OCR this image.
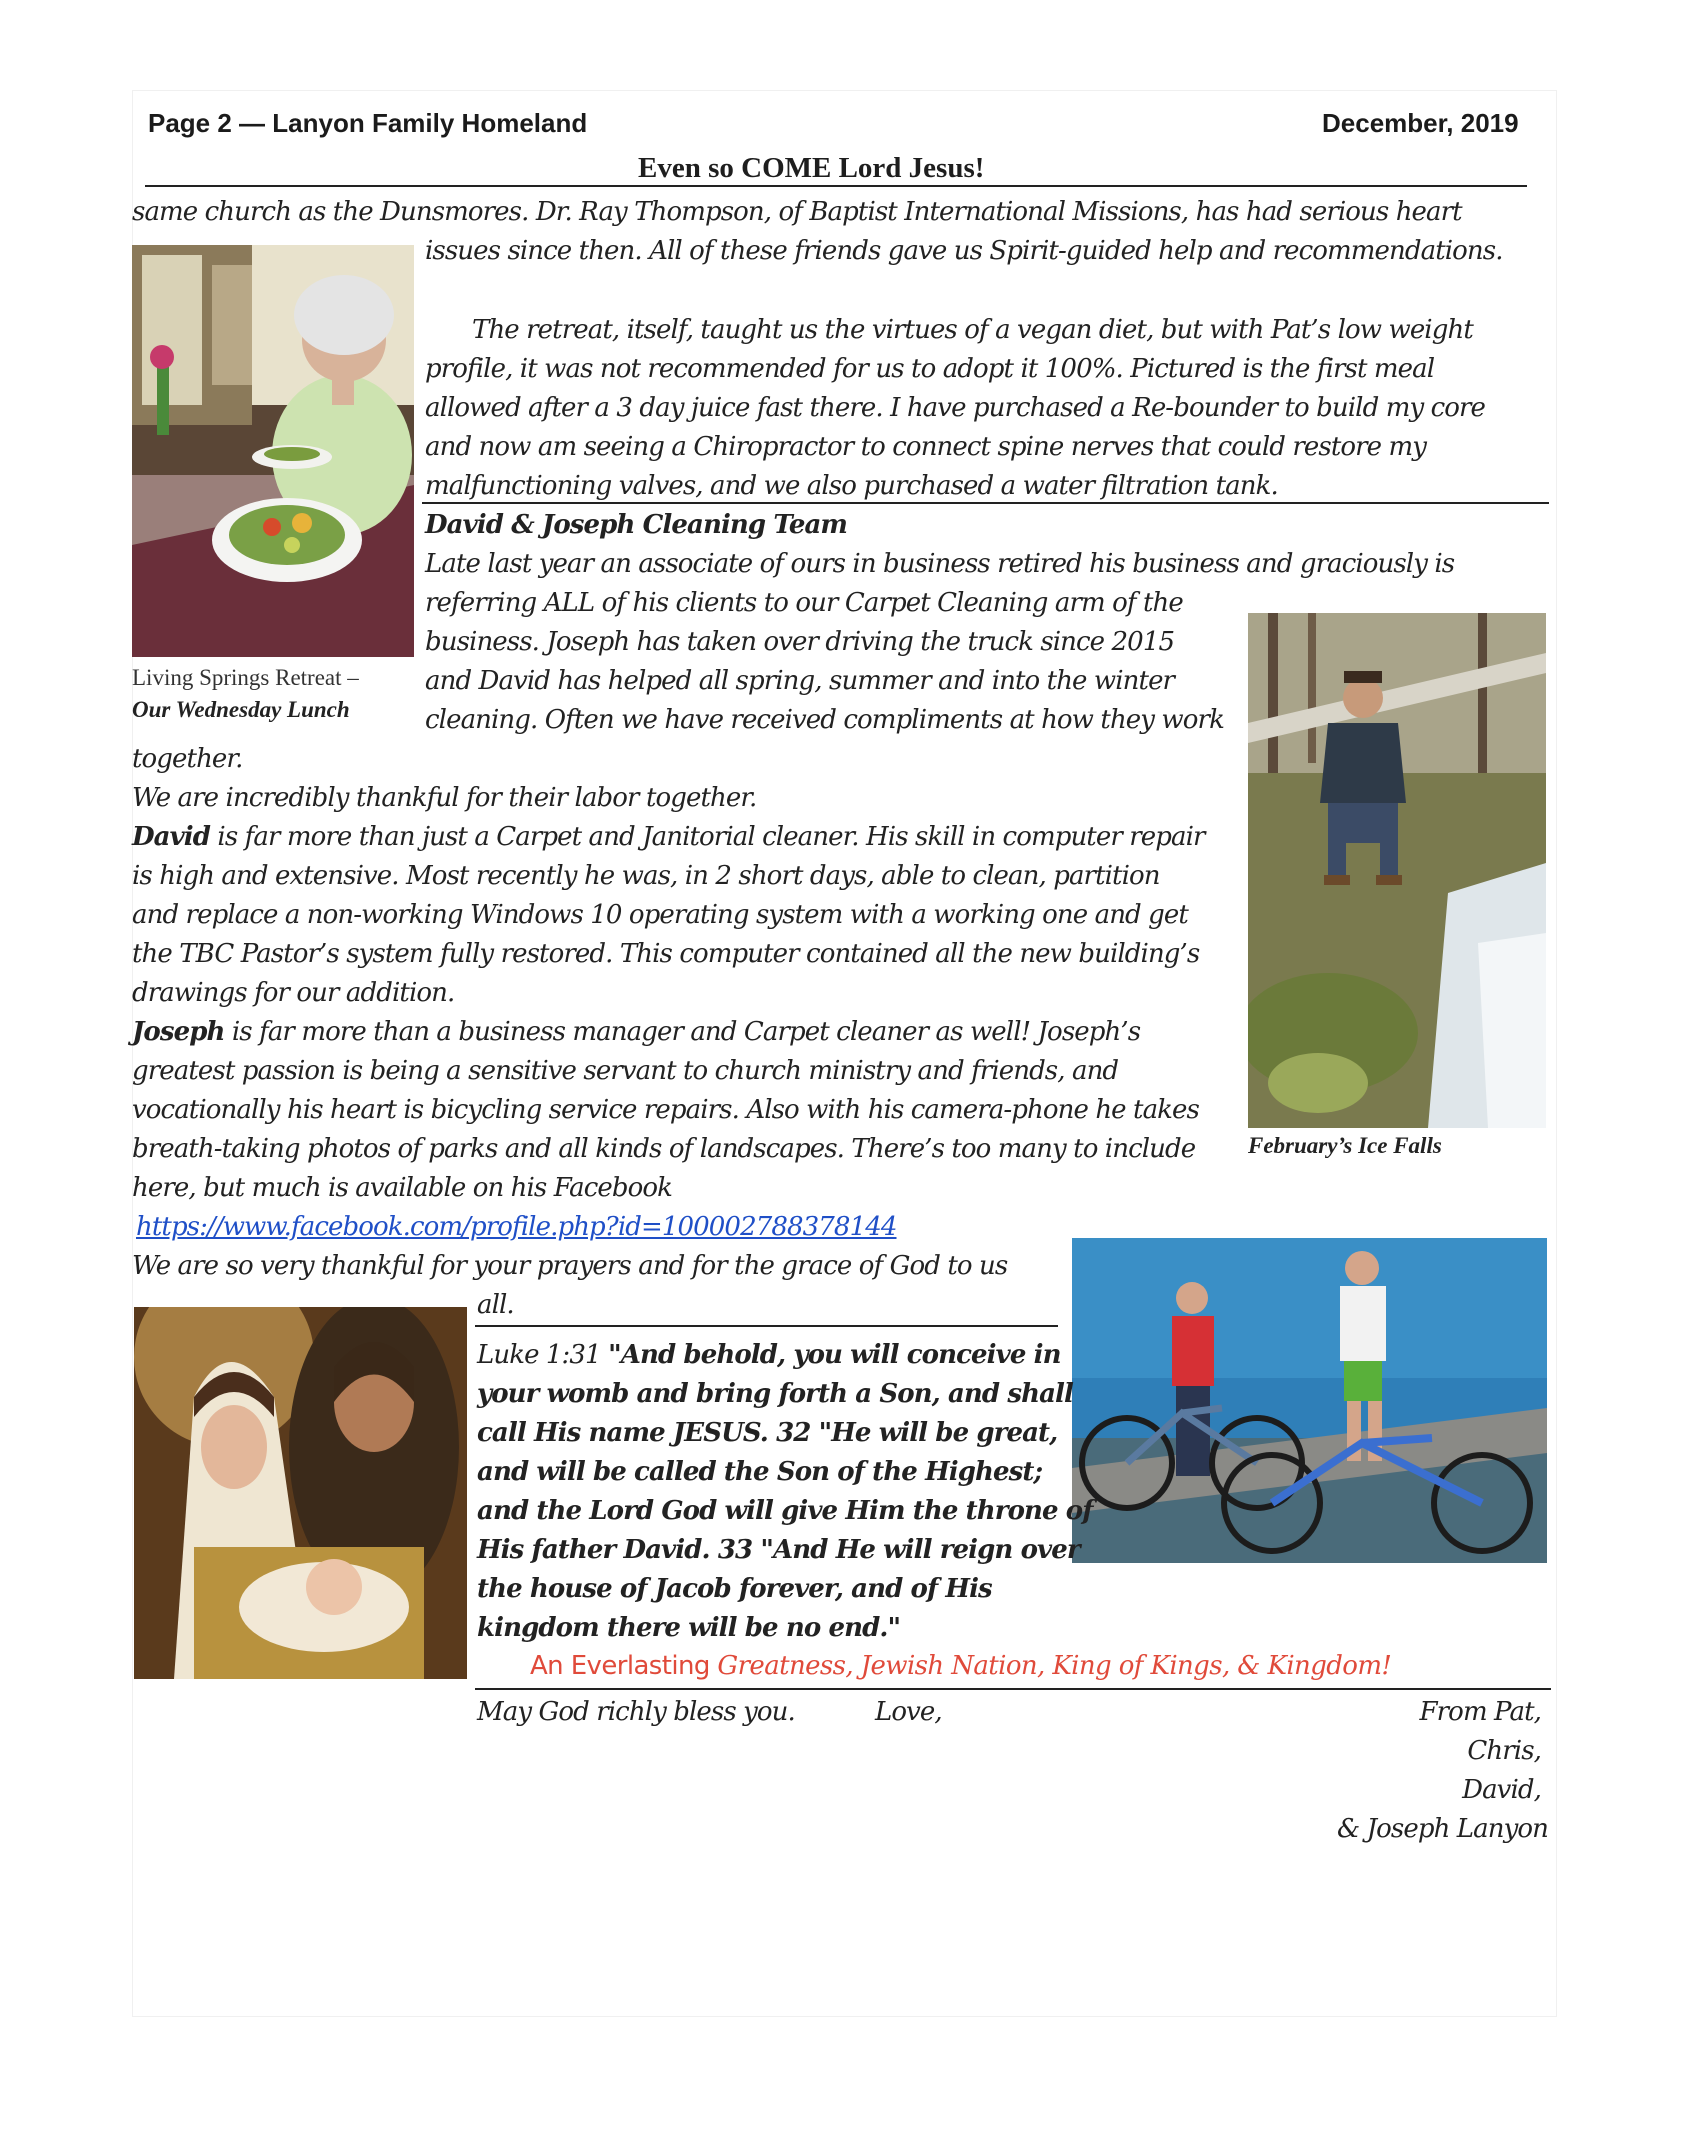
Page 2 — Lanyon Family Homeland	December, 2019
Even so COME Lord Jesus!
same church as the Dunsmores. Dr. Ray Thompson, of Baptist International Missions, has had serious heart
issues since then. All of these friends gave us Spirit-guided help and recommendations.
Living Springs Retreat –
Our Wednesday Lunch
The retreat, itself, taught us the virtues of a vegan diet, but with Pat’s low weight
profile, it was not recommended for us to adopt it 100%. Pictured is the first meal
allowed after a 3 day juice fast there. I have purchased a Re-bounder to build my core
and now am seeing a Chiropractor to connect spine nerves that could restore my
malfunctioning valves, and we also purchased a water filtration tank.
David & Joseph Cleaning Team
Late last year an associate of ours in business retired his business and graciously is
referring ALL of his clients to our Carpet Cleaning arm of the
business. Joseph has taken over driving the truck since 2015
and David has helped all spring, summer and into the winter
cleaning. Often we have received compliments at how they work
together.
We are incredibly thankful for their labor together.
February’s Ice Falls
David is far more than just a Carpet and Janitorial cleaner. His skill in computer repair
is high and extensive. Most recently he was, in 2 short days, able to clean, partition
and replace a non-working Windows 10 operating system with a working one and get
the TBC Pastor’s system fully restored. This computer contained all the new building’s
drawings for our addition.
Joseph is far more than a business manager and Carpet cleaner as well! Joseph’s
greatest passion is being a sensitive servant to church ministry and friends, and
vocationally his heart is bicycling service repairs. Also with his camera-phone he takes
breath-taking photos of parks and all kinds of landscapes. There’s too many to include
here, but much is available on his Facebook
https://www.facebook.com/profile.php?id=100002788378144
We are so very thankful for your prayers and for the grace of God to us
all.
Luke 1:31 "And behold, you will conceive in
your womb and bring forth a Son, and shall
call His name JESUS. 32 "He will be great,
and will be called the Son of the Highest;
and the Lord God will give Him the throne of
His father David. 33 "And He will reign over
the house of Jacob forever, and of His
kingdom there will be no end."
An Everlasting Greatness, Jewish Nation, King of Kings, & Kingdom!
May God richly bless you.	Love,	From Pat,
Chris,
David,
& Joseph Lanyon
